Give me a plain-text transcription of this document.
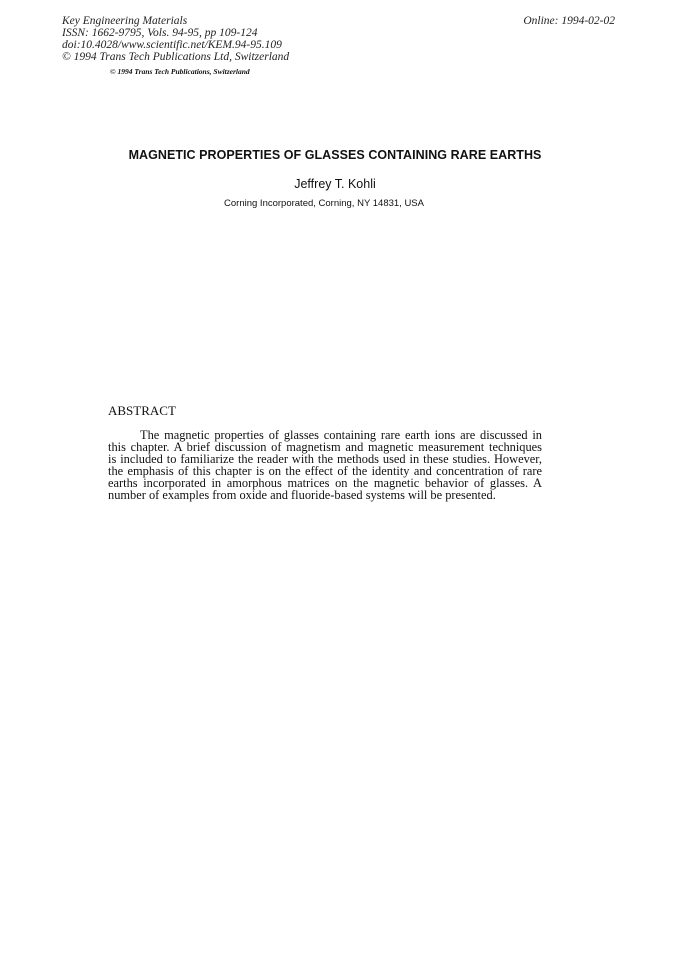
Key Engineering Materials
ISSN: 1662-9795, Vols. 94-95, pp 109-124
doi:10.4028/www.scientific.net/KEM.94-95.109
© 1994 Trans Tech Publications Ltd, Switzerland
Online: 1994-02-02
© 1994 Trans Tech Publications, Switzerland
MAGNETIC PROPERTIES OF GLASSES CONTAINING RARE EARTHS
Jeffrey T. Kohli
Corning Incorporated, Corning, NY 14831, USA
ABSTRACT
The magnetic properties of glasses containing rare earth ions are discussed in
this chapter. A brief discussion of magnetism and magnetic measurement techniques
is included to familiarize the reader with the methods used in these studies. However,
the emphasis of this chapter is on the effect of the identity and concentration of rare
earths incorporated in amorphous matrices on the magnetic behavior of glasses. A
number of examples from oxide and fluoride-based systems will be presented.
